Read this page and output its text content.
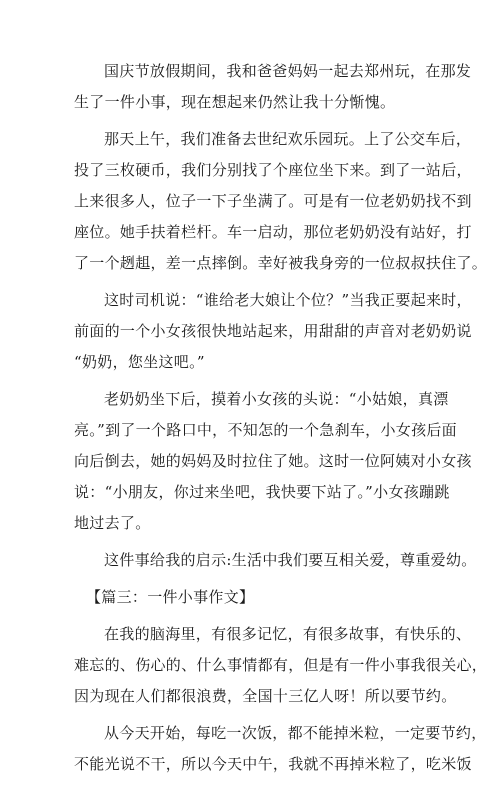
国庆节放假期间，我和爸爸妈妈一起去郑州玩，在那发
生了一件小事，现在想起来仍然让我十分惭愧。
那天上午，我们准备去世纪欢乐园玩。上了公交车后，
投了三枚硬币，我们分别找了个座位坐下来。到了一站后，
上来很多人，位子一下子坐满了。可是有一位老奶奶找不到
座位。她手扶着栏杆。车一启动，那位老奶奶没有站好，打
了一个趔趄，差一点摔倒。幸好被我身旁的一位叔叔扶住了。
这时司机说：“谁给老大娘让个位？”当我正要起来时，
前面的一个小女孩很快地站起来，用甜甜的声音对老奶奶说
“奶奶，您坐这吧。”
老奶奶坐下后，摸着小女孩的头说：“小姑娘，真漂
亮。”到了一个路口中，不知怎的一个急刹车，小女孩后面
向后倒去，她的妈妈及时拉住了她。这时一位阿姨对小女孩
说：“小朋友，你过来坐吧，我快要下站了。”小女孩蹦跳
地过去了。
这件事给我的启示:生活中我们要互相关爱，尊重爱幼。
【篇三：一件小事作文】
在我的脑海里，有很多记忆，有很多故事，有快乐的、
难忘的、伤心的、什么事情都有，但是有一件小事我很关心，
因为现在人们都很浪费，全国十三亿人呀！所以要节约。
从今天开始，每吃一次饭，都不能掉米粒，一定要节约，
不能光说不干，所以今天中午，我就不再掉米粒了，吃米饭
